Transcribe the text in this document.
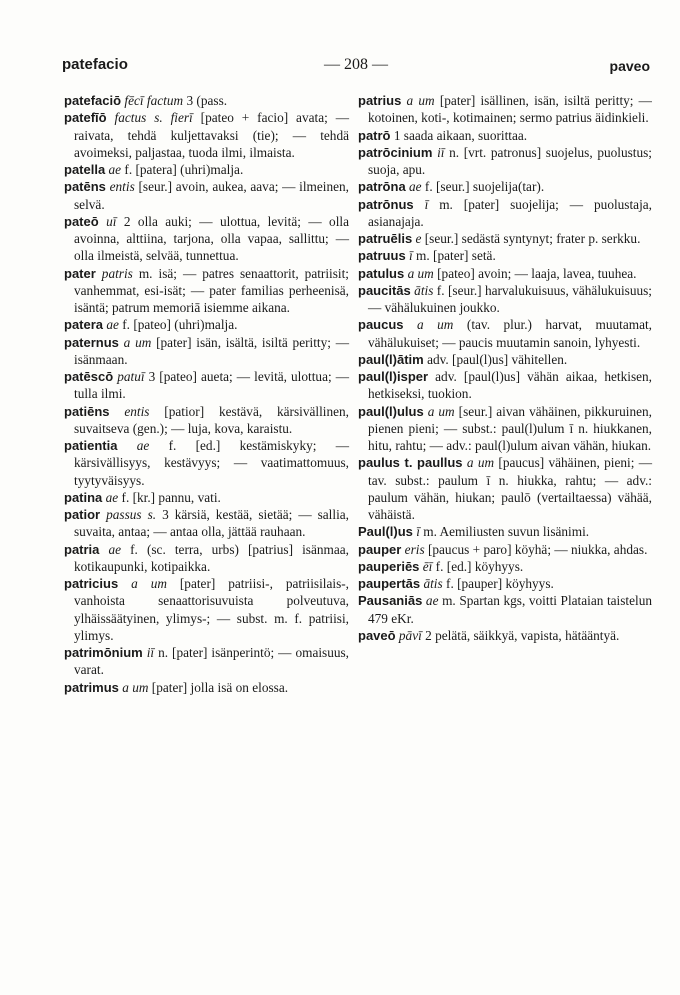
patefacio	— 208 —	paveo
patefaciō fēcī factum 3 (pass.
patefīō factus s. fierī [pateo + facio] avata; — raivata, tehdä kuljettavaksi (tie); — tehdä avoimeksi, paljastaa, tuoda ilmi, ilmaista.
patella ae f. [patera] (uhri)malja.
patēns entis [seur.] avoin, aukea, aava; — ilmeinen, selvä.
pateō uī 2 olla auki; — ulottua, levitä; — olla avoinna, alttiina, tarjona, olla vapaa, sallittu; — olla ilmeistä, selvää, tunnettua.
pater patris m. isä; — patres senaattorit, patriisit; vanhemmat, esi-isät; — pater familias perheenisä, isäntä; patrum memoriā isiemme aikana.
patera ae f. [pateo] (uhri)malja.
paternus a um [pater] isän, isältä, isiltä peritty; — isänmaan.
patēscō patuī 3 [pateo] aueta; — levitä, ulottua; — tulla ilmi.
patiēns entis [patior] kestävä, kärsivällinen, suvaitseva (gen.); — luja, kova, karaistu.
patientia ae f. [ed.] kestämiskyky; — kärsivällisyys, kestävyys; — vaatimattomuus, tyytyväisyys.
patina ae f. [kr.] pannu, vati.
patior passus s. 3 kärsiä, kestää, sietää; — sallia, suvaita, antaa; — antaa olla, jättää rauhaan.
patria ae f. (sc. terra, urbs) [patrius] isänmaa, kotikaupunki, kotipaikka.
patricius a um [pater] patriisi-, patriisilais-, vanhoista senaattorisuvuista polveutuva, ylhäissäätyinen, ylimys-; — subst. m. f. patriisi, ylimys.
patrimōnium iī n. [pater] isänperintö; — omaisuus, varat.
patrimus a um [pater] jolla isä on elossa.
patrius a um [pater] isällinen, isän, isiltä peritty; — kotoinen, koti-, kotimainen; sermo patrius äidinkieli.
patrō 1 saada aikaan, suorittaa.
patrōcinium iī n. [vrt. patronus] suojelus, puolustus; suoja, apu.
patrōna ae f. [seur.] suojelija(tar).
patrōnus ī m. [pater] suojelija; — puolustaja, asianajaja.
patruēlis e [seur.] sedästä syntynyt; frater p. serkku.
patruus ī m. [pater] setä.
patulus a um [pateo] avoin; — laaja, lavea, tuuhea.
paucitās ātis f. [seur.] harvalukuisuus, vähälukuisuus; — vähälukuinen joukko.
paucus a um (tav. plur.) harvat, muutamat, vähälukuiset; — paucis muutamin sanoin, lyhyesti.
paul(l)ātim adv. [paul(l)us] vähitellen.
paul(l)isper adv. [paul(l)us] vähän aikaa, hetkisen, hetkiseksi, tuokion.
paul(l)ulus a um [seur.] aivan vähäinen, pikkuruinen, pienen pieni; — subst.: paul(l)ulum ī n. hiukkanen, hitu, rahtu; — adv.: paul(l)ulum aivan vähän, hiukan.
paulus t. paullus a um [paucus] vähäinen, pieni; — tav. subst.: paulum ī n. hiukka, rahtu; — adv.: paulum vähän, hiukan; paulō (vertailtaessa) vähää, vähäistä.
Paul(l)us ī m. Aemiliusten suvun lisänimi.
pauper eris [paucus + paro] köyhä; — niukka, ahdas.
pauperiēs ēī f. [ed.] köyhyys.
paupertās ātis f. [pauper] köyhyys.
Pausaniās ae m. Spartan kgs, voitti Plataian taistelun 479 eKr.
paveō pāvī 2 pelätä, säikkyä, vapista, hätääntyä.
